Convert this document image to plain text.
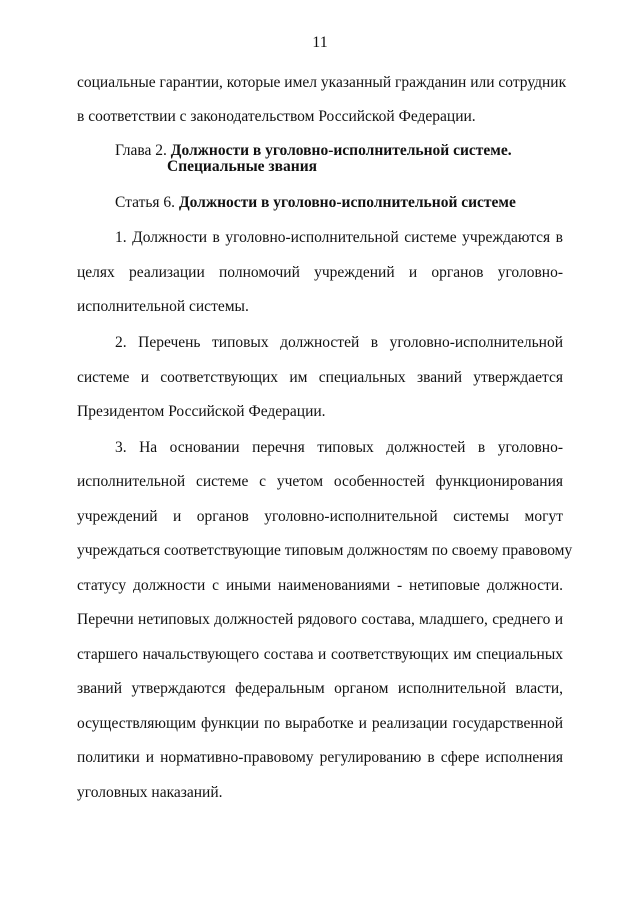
11
социальные гарантии, которые имел указанный гражданин или сотрудник
в соответствии с законодательством Российской Федерации.
Глава 2. Должности в уголовно-исполнительной системе.
Специальные звания
Статья 6. Должности в уголовно-исполнительной системе
1. Должности в уголовно-исполнительной системе учреждаются в
целях реализации полномочий учреждений и органов уголовно-
исполнительной системы.
2. Перечень типовых должностей в уголовно-исполнительной
системе и соответствующих им специальных званий утверждается
Президентом Российской Федерации.
3. На основании перечня типовых должностей в уголовно-
исполнительной системе с учетом особенностей функционирования
учреждений и органов уголовно-исполнительной системы могут
учреждаться соответствующие типовым должностям по своему правовому
статусу должности с иными наименованиями - нетиповые должности.
Перечни нетиповых должностей рядового состава, младшего, среднего и
старшего начальствующего состава и соответствующих им специальных
званий утверждаются федеральным органом исполнительной власти,
осуществляющим функции по выработке и реализации государственной
политики и нормативно-правовому регулированию в сфере исполнения
уголовных наказаний.
